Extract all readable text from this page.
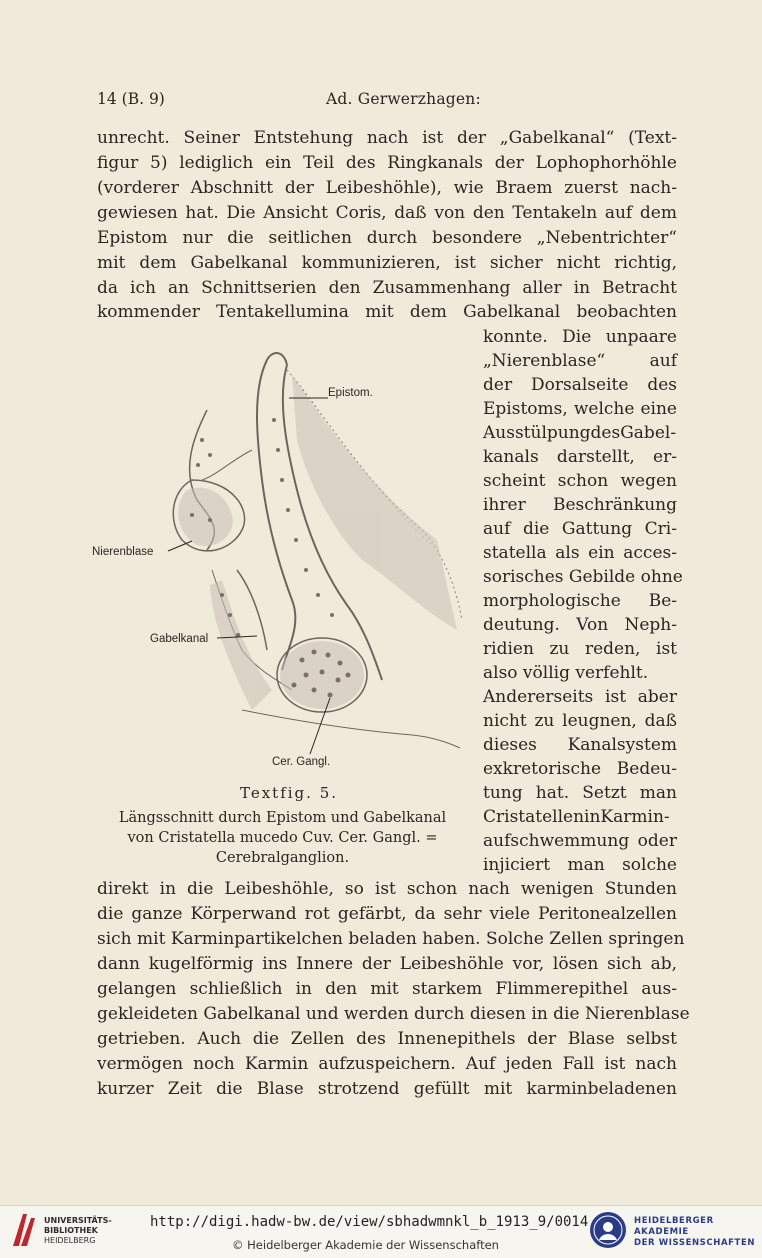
14 (B. 9)	Ad. Gerwerzhagen:
unrecht. Seiner Entstehung nach ist der „Gabelkanal“ (Text-
figur 5) lediglich ein Teil des Ringkanals der Lophophorhöhle
(vorderer Abschnitt der Leibeshöhle), wie Braem zuerst nach-
gewiesen hat. Die Ansicht Coris, daß von den Tentakeln auf dem
Epistom nur die seitlichen durch besondere „Nebentrichter“
mit dem Gabelkanal kommunizieren, ist sicher nicht richtig,
da ich an Schnittserien den Zusammenhang aller in Betracht
kommender Tentakellumina mit dem Gabelkanal beobachten
konnte. Die unpaare
„Nierenblase“ auf
der Dorsalseite des
Epistoms, welche eine
AusstülpungdesGabel-
kanals darstellt, er-
scheint schon wegen
ihrer Beschränkung
auf die Gattung Cri-
statella als ein acces-
sorisches Gebilde ohne
morphologische Be-
deutung. Von Neph-
ridien zu reden, ist
also völlig verfehlt.
Andererseits ist aber
nicht zu leugnen, daß
dieses Kanalsystem
exkretorische Bedeu-
tung hat. Setzt man
CristatelleninKarmin-
aufschwemmung oder
injiciert man solche
Epistom.
Nierenblase
Gabelkanal
Cer. Gangl.
Textfig. 5.
Längsschnitt durch Epistom und Gabelkanal
von Cristatella mucedo Cuv. Cer. Gangl. =
Cerebralganglion.
direkt in die Leibeshöhle, so ist schon nach wenigen Stunden
die ganze Körperwand rot gefärbt, da sehr viele Peritonealzellen
sich mit Karminpartikelchen beladen haben. Solche Zellen springen
dann kugelförmig ins Innere der Leibeshöhle vor, lösen sich ab,
gelangen schließlich in den mit starkem Flimmerepithel aus-
gekleideten Gabelkanal und werden durch diesen in die Nierenblase
getrieben. Auch die Zellen des Innenepithels der Blase selbst
vermögen noch Karmin aufzuspeichern. Auf jeden Fall ist nach
kurzer Zeit die Blase strotzend gefüllt mit karminbeladenen
UNIVERSITÄTS-
BIBLIOTHEK
HEIDELBERG
http://digi.hadw-bw.de/view/sbhadwmnkl_b_1913_9/0014
© Heidelberger Akademie der Wissenschaften
HEIDELBERGER AKADEMIE
DER WISSENSCHAFTEN
